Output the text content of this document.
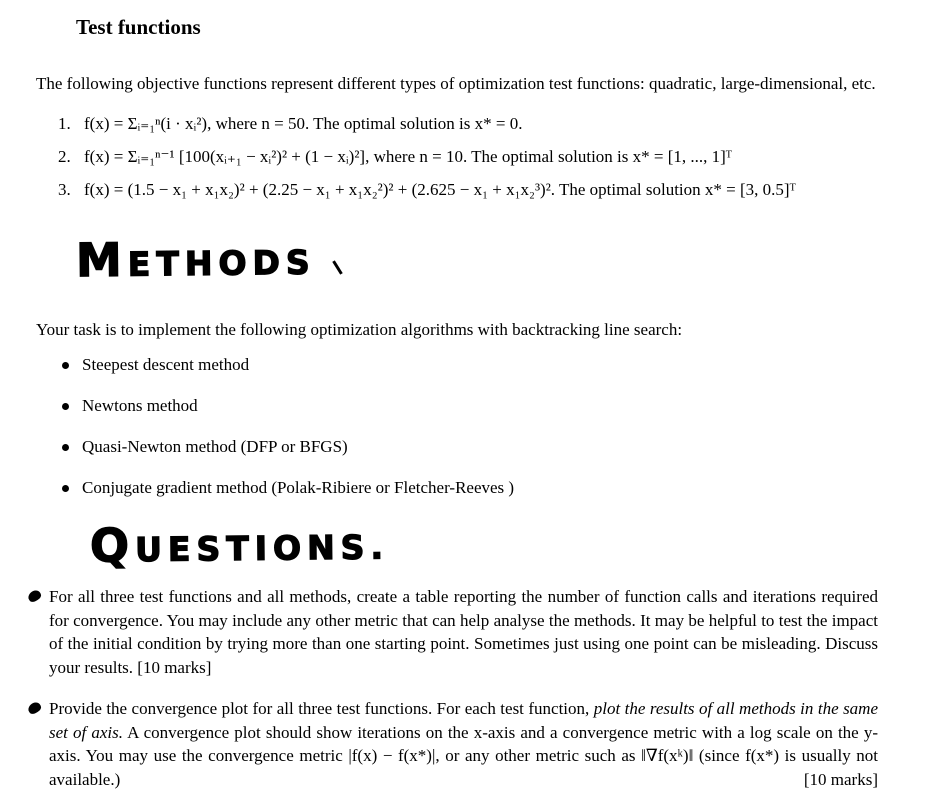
Test functions

The following objective functions represent different types of optimization test functions: quadratic, large-dimensional, etc.

1. f(x) = Σᵢ₌₁ⁿ(i · xᵢ²), where n = 50. The optimal solution is x* = 0.
2. f(x) = Σᵢ₌₁ⁿ⁻¹ [100(xᵢ₊₁ − xᵢ²)² + (1 − xᵢ)²], where n = 10. The optimal solution is x* = [1, ..., 1]ᵀ
3. f(x) = (1.5 − x₁ + x₁x₂)² + (2.25 − x₁ + x₁x₂²)² + (2.625 − x₁ + x₁x₂³)². The optimal solution x* = [3, 0.5]ᵀ
METHODS

Your task is to implement the following optimization algorithms with backtracking line search:

Steepest descent method
Newtons method
Quasi-Newton method (DFP or BFGS)
Conjugate gradient method (Polak-Ribiere or Fletcher-Reeves )
QUESTIONS.
For all three test functions and all methods, create a table reporting the number of function calls and iterations required for convergence. You may include any other metric that can help analyse the methods. It may be helpful to test the impact of the initial condition by trying more than one starting point. Sometimes just using one point can be misleading. Discuss your results. [10 marks]
Provide the convergence plot for all three test functions. For each test function, plot the results of all methods in the same set of axis. A convergence plot should show iterations on the x-axis and a convergence metric with a log scale on the y-axis. You may use the convergence metric |f(x) − f(x*)|, or any other metric such as ‖∇f(xᵏ)‖ (since f(x*) is usually not available.)	[10 marks]
